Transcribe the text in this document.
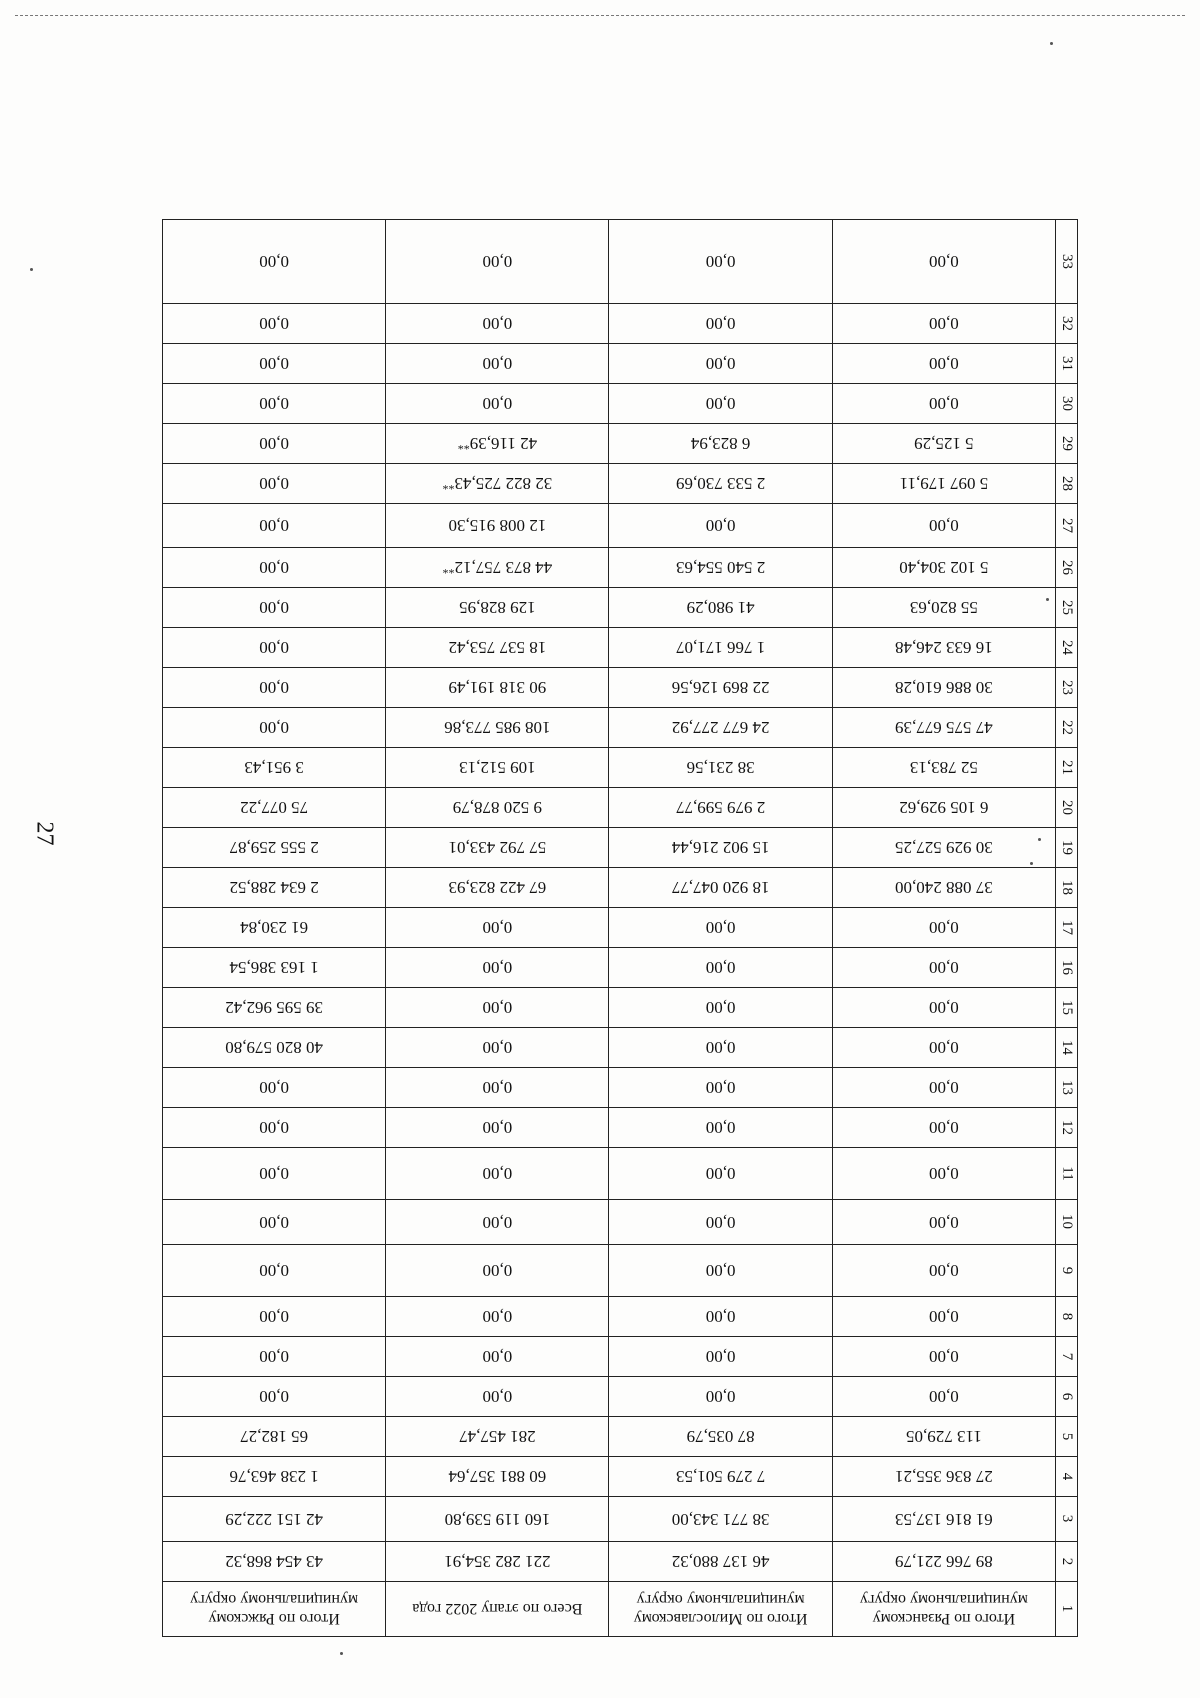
27
1	Итого по Рязанскому муниципальному округу	Итого по Милославскому муниципальному округу	Всего по этапу 2022 года	Итого по Ряжскому муниципальному округу
2	89 766 221,79	46 137 880,32	221 282 354,91	43 454 868,32
3	61 816 137,53	38 771 343,00	160 119 539,80	42 151 222,29
4	27 836 355,21	7 279 501,53	60 881 357,64	1 238 463,76
5	113 729,05	87 035,79	281 457,47	65 182,27
6	0,00	0,00	0,00	0,00
7	0,00	0,00	0,00	0,00
8	0,00	0,00	0,00	0,00
9	0,00	0,00	0,00	0,00
10	0,00	0,00	0,00	0,00
11	0,00	0,00	0,00	0,00
12	0,00	0,00	0,00	0,00
13	0,00	0,00	0,00	0,00
14	0,00	0,00	0,00	40 820 579,80
15	0,00	0,00	0,00	39 595 962,42
16	0,00	0,00	0,00	1 163 386,54
17	0,00	0,00	0,00	61 230,84
18	37 088 240,00	18 920 047,77	67 422 823,93	2 634 288,52
19	30 929 527,25	15 902 216,44	57 792 433,01	2 555 259,87
20	6 105 929,62	2 979 599,77	9 520 878,79	75 077,22
21	52 783,13	38 231,56	109 512,13	3 951,43
22	47 575 677,39	24 677 277,92	108 985 773,86	0,00
23	30 886 610,28	22 869 126,56	90 318 191,49	0,00
24	16 633 246,48	1 766 171,07	18 537 753,42	0,00
25	55 820,63	41 980,29	129 828,95	0,00
26	5 102 304,40	2 540 554,63	44 873 757,12**	0,00
27	0,00	0,00	12 008 915,30	0,00
28	5 097 179,11	2 533 730,69	32 822 725,43**	0,00
29	5 125,29	6 823,94	42 116,39**	0,00
30	0,00	0,00	0,00	0,00
31	0,00	0,00	0,00	0,00
32	0,00	0,00	0,00	0,00
33	0,00	0,00	0,00	0,00
